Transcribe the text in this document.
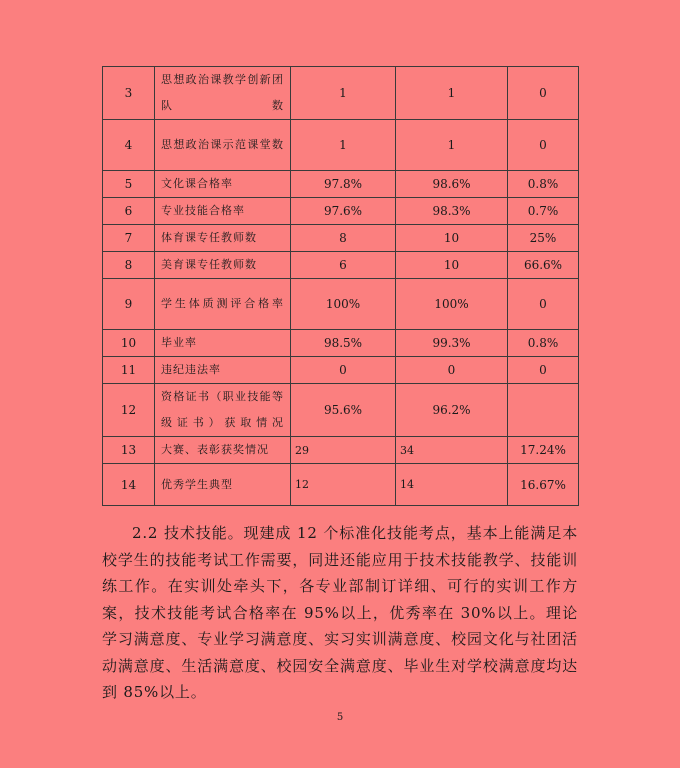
3	思想政治课教学创新团队数	1	1	0
4	思想政治课示范课堂数	1	1	0
5	文化课合格率	97.8%	98.6%	0.8%
6	专业技能合格率	97.6%	98.3%	0.7%
7	体育课专任教师数	8	10	25%
8	美育课专任教师数	6	10	66.6%
9	学生体质测评合格率	100%	100%	0
10	毕业率	98.5%	99.3%	0.8%
11	违纪违法率	0	0	0
12	资格证书（职业技能等级证书）获取情况	95.6%	96.2%	
13	大赛、表彰获奖情况	29	34	17.24%
14	优秀学生典型	12	14	16.67%
2.2 技术技能。现建成 12 个标准化技能考点，基本上能满足本校学生的技能考试工作需要，同进还能应用于技术技能教学、技能训练工作。在实训处牵头下，各专业部制订详细、可行的实训工作方案，技术技能考试合格率在 95%以上，优秀率在 30%以上。理论学习满意度、专业学习满意度、实习实训满意度、校园文化与社团活动满意度、生活满意度、校园安全满意度、毕业生对学校满意度均达到 85%以上。
5
